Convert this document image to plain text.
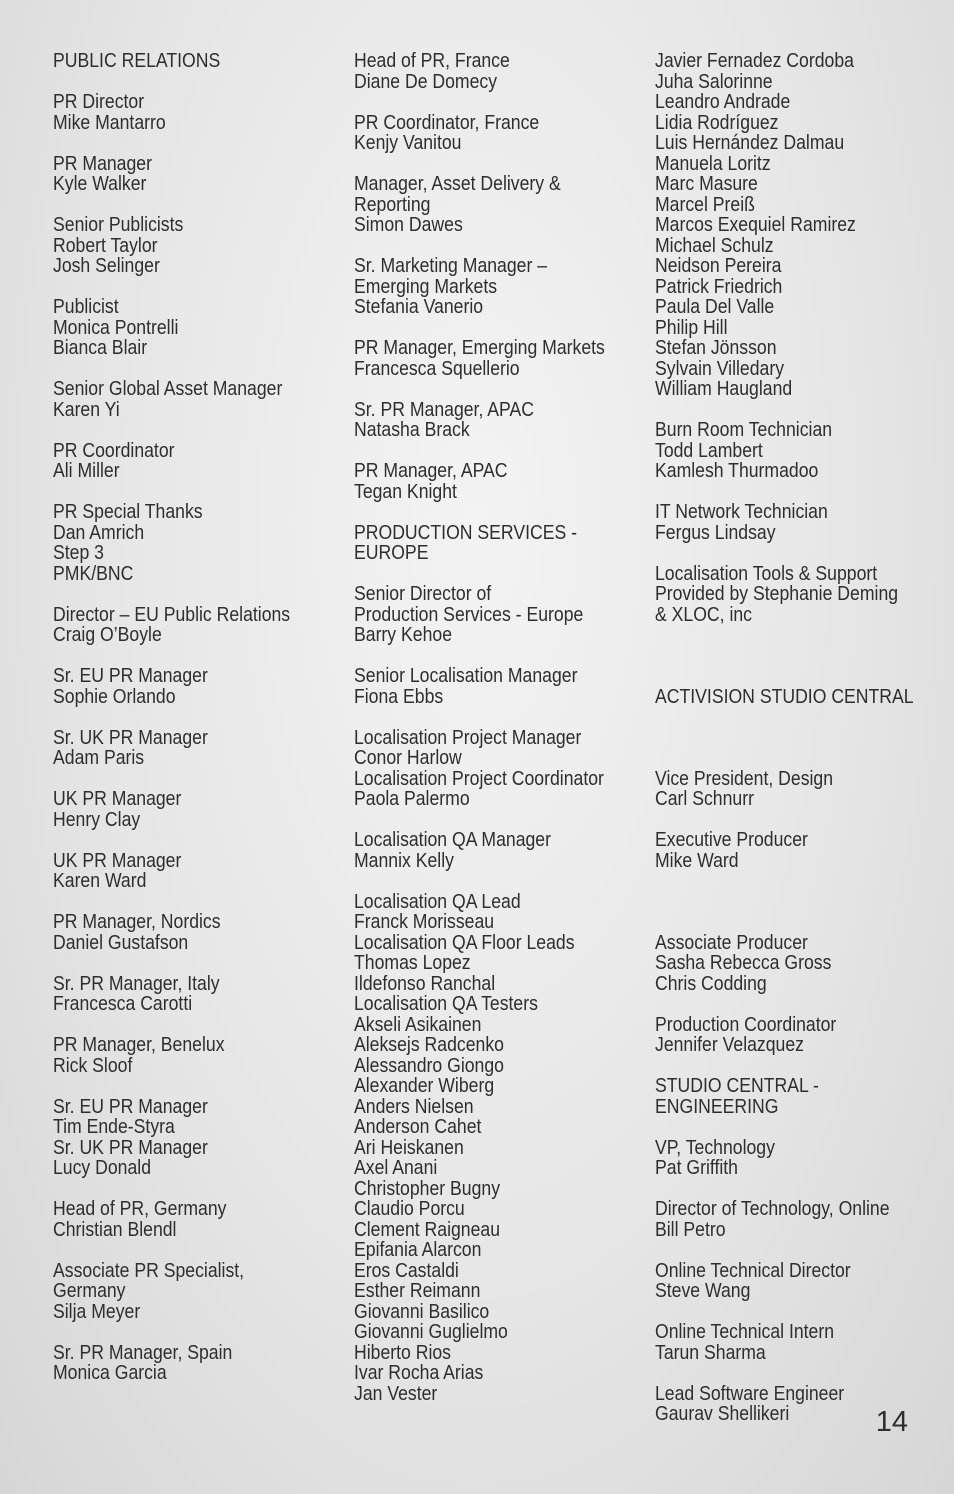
PUBLIC RELATIONS
PR Director
Mike Mantarro
PR Manager
Kyle Walker
Senior Publicists
Robert Taylor
Josh Selinger
Publicist
Monica Pontrelli
Bianca Blair
Senior Global Asset Manager
Karen Yi
PR Coordinator
Ali Miller
PR Special Thanks
Dan Amrich
Step 3
PMK/BNC
Director – EU Public Relations
Craig O’Boyle
Sr. EU PR Manager
Sophie Orlando
Sr. UK PR Manager
Adam Paris
UK PR Manager
Henry Clay
UK PR Manager
Karen Ward
PR Manager, Nordics
Daniel Gustafson
Sr. PR Manager, Italy
Francesca Carotti
PR Manager, Benelux
Rick Sloof
Sr. EU PR Manager
Tim Ende-Styra
Sr. UK PR Manager
Lucy Donald
Head of PR, Germany
Christian Blendl
Associate PR Specialist,
Germany
Silja Meyer
Sr. PR Manager, Spain
Monica Garcia
Head of PR, France
Diane De Domecy
PR Coordinator, France
Kenjy Vanitou
Manager, Asset Delivery &
Reporting
Simon Dawes
Sr. Marketing Manager –
Emerging Markets
Stefania Vanerio
PR Manager, Emerging Markets
Francesca Squellerio
Sr. PR Manager, APAC
Natasha Brack
PR Manager, APAC
Tegan Knight
PRODUCTION SERVICES -
EUROPE
Senior Director of
Production Services - Europe
Barry Kehoe
Senior Localisation Manager
Fiona Ebbs
Localisation Project Manager
Conor Harlow
Localisation Project Coordinator
Paola Palermo
Localisation QA Manager
Mannix Kelly
Localisation QA Lead
Franck Morisseau
Localisation QA Floor Leads
Thomas Lopez
Ildefonso Ranchal
Localisation QA Testers
Akseli Asikainen
Aleksejs Radcenko
Alessandro Giongo
Alexander Wiberg
Anders Nielsen
Anderson Cahet
Ari Heiskanen
Axel Anani
Christopher Bugny
Claudio Porcu
Clement Raigneau
Epifania Alarcon
Eros Castaldi
Esther Reimann
Giovanni Basilico
Giovanni Guglielmo
Hiberto Rios
Ivar Rocha Arias
Jan Vester
Javier Fernadez Cordoba
Juha Salorinne
Leandro Andrade
Lidia Rodríguez
Luis Hernández Dalmau
Manuela Loritz
Marc Masure
Marcel Preiß
Marcos Exequiel Ramirez
Michael Schulz
Neidson Pereira
Patrick Friedrich
Paula Del Valle
Philip Hill
Stefan Jönsson
Sylvain Villedary
William Haugland
Burn Room Technician
Todd Lambert
Kamlesh Thurmadoo
IT Network Technician
Fergus Lindsay
Localisation Tools & Support
Provided by Stephanie Deming
& XLOC, inc
ACTIVISION STUDIO CENTRAL
Vice President, Design
Carl Schnurr
Executive Producer
Mike Ward
Associate Producer
Sasha Rebecca Gross
Chris Codding
Production Coordinator
Jennifer Velazquez
STUDIO CENTRAL -
ENGINEERING
VP, Technology
Pat Griffith
Director of Technology, Online
Bill Petro
Online Technical Director
Steve Wang
Online Technical Intern
Tarun Sharma
Lead Software Engineer
Gaurav Shellikeri	14
